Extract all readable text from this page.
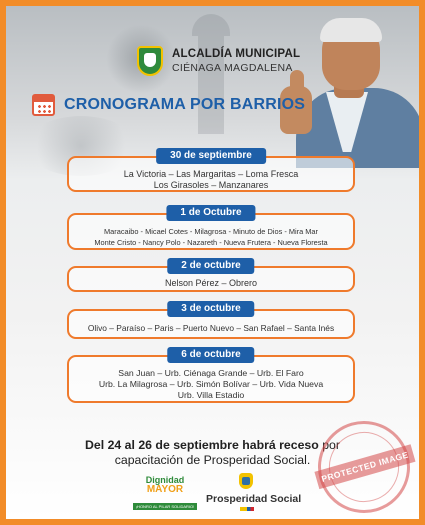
ALCALDÍA MUNICIPAL
CIÉNAGA MAGDALENA
CRONOGRAMA POR BARRIOS
30 de septiembre
La Victoria – Las Margaritas – Loma Fresca
Los Girasoles – Manzanares
1 de Octubre
Maracaibo - Micael Cotes - Milagrosa - Minuto de Dios - Mira Mar
Monte Cristo - Nancy Polo - Nazareth - Nueva Frutera - Nueva Floresta
2 de octubre
Nelson Pérez – Obrero
3 de octubre
Olivo – Paraíso – Paris – Puerto Nuevo – San Rafael – Santa Inés
6 de octubre
San Juan – Urb. Ciénaga Grande – Urb. El Faro
Urb. La Milagrosa – Urb. Simón Bolívar – Urb. Vida Nueva
Urb. Villa Estadio
Del 24 al 26 de septiembre habrá receso por
capacitación de Prosperidad Social.
Dignidad
MAYOR
¡HONRO AL PILAR SOLIDARIO!
Prosperidad Social
PROTECTED IMAGE
